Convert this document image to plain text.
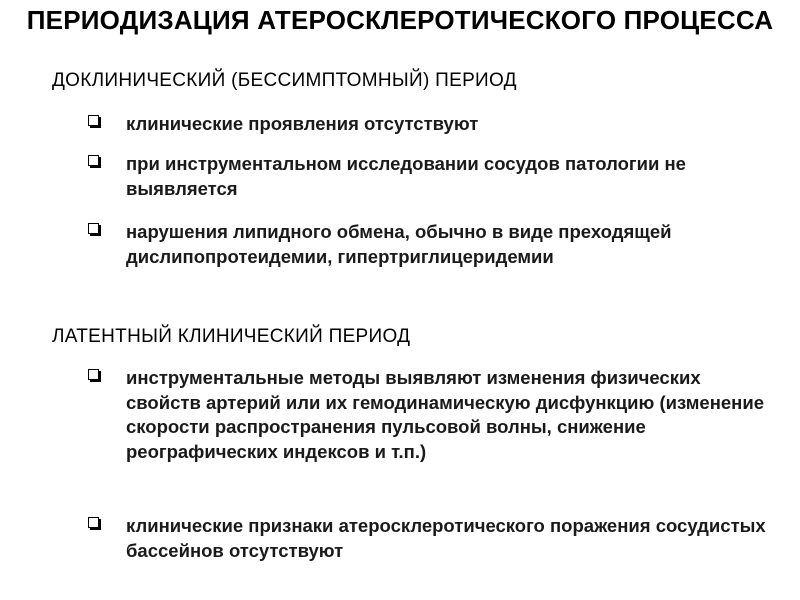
ПЕРИОДИЗАЦИЯ АТЕРОСКЛЕРОТИЧЕСКОГО ПРОЦЕССА
ДОКЛИНИЧЕСКИЙ (БЕССИМПТОМНЫЙ) ПЕРИОД
клинические проявления отсутствуют
при инструментальном исследовании сосудов патологии не выявляется
нарушения липидного обмена, обычно в виде преходящей дислипопротеидемии, гипертриглицеридемии
ЛАТЕНТНЫЙ КЛИНИЧЕСКИЙ ПЕРИОД
инструментальные методы выявляют изменения физических свойств артерий или их гемодинамическую дисфункцию (изменение скорости распространения пульсовой волны, снижение реографических индексов и т.п.)
клинические признаки атеросклеротического поражения сосудистых бассейнов отсутствуют
